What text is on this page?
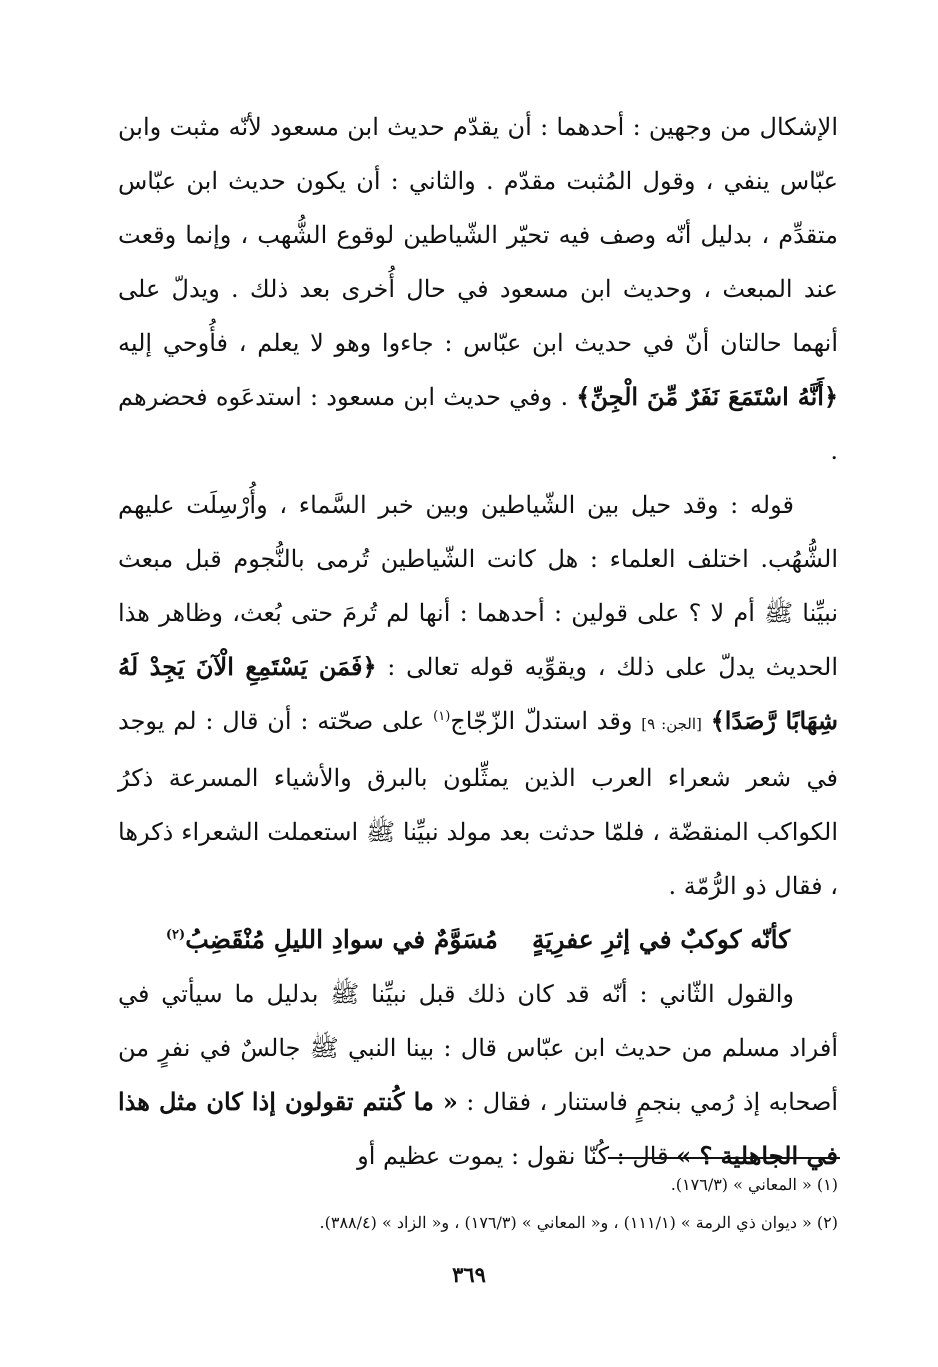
الإشكال من وجهين : أحدهما : أن يقدّم حديث ابن مسعود لأنّه مثبت وابن عبّاس ينفي ، وقول المُثبت مقدّم . والثاني : أن يكون حديث ابن عبّاس متقدِّم ، بدليل أنّه وصف فيه تحيّر الشّياطين لوقوع الشُّهب ، وإنما وقعت عند المبعث ، وحديث ابن مسعود في حال أُخرى بعد ذلك . ويدلّ على أنهما حالتان أنّ في حديث ابن عبّاس : جاءوا وهو لا يعلم ، فأُوحي إليه ﴿أَنَّهُ اسْتَمَعَ نَفَرٌ مِّنَ الْجِنِّ﴾ . وفي حديث ابن مسعود : استدعَوه فحضرهم .

قوله : وقد حيل بين الشّياطين وبين خبر السَّماء ، وأُرْسِلَت عليهم الشُّهُب. اختلف العلماء : هل كانت الشّياطين تُرمى بالنُّجوم قبل مبعث نبيِّنا ﷺ أم لا ؟ على قولين : أحدهما : أنها لم تُرمَ حتى بُعث، وظاهر هذا الحديث يدلّ على ذلك ، ويقوِّيه قوله تعالى : ﴿فَمَن يَسْتَمِعِ الْآنَ يَجِدْ لَهُ شِهَابًا رَّصَدًا﴾ [الجن: ٩] وقد استدلّ الزّجّاج$^{(١)}$ على صحّته : أن قال : لم يوجد في شعر شعراء العرب الذين يمثِّلون بالبرق والأشياء المسرعة ذكرُ الكواكب المنقضّة ، فلمّا حدثت بعد مولد نبيِّنا ﷺ استعملت الشعراء ذكرها ، فقال ذو الرُّمّة .

كأنّه كوكبٌ في إثرِ عفرِيَةٍ
مُسَوَّمٌ في سوادِ الليلِ مُنْقَضِبُ$^{(٢)}$

والقول الثّاني : أنّه قد كان ذلك قبل نبيِّنا ﷺ بدليل ما سيأتي في أفراد مسلم من حديث ابن عبّاس قال : بينا النبي ﷺ جالسٌ في نفرٍ من أصحابه إذ رُمي بنجمٍ فاستنار ، فقال : « ما كُنتم تقولون إذا كان مثل هذا في الجاهلية ؟ » قال : كُنّا نقول : يموت عظيم أو

(١) « المعاني » (١٧٦/٣).
(٢) « ديوان ذي الرمة » (١١١/١) ، و« المعاني » (١٧٦/٣) ، و« الزاد » (٣٨٨/٤).
٣٦٩
